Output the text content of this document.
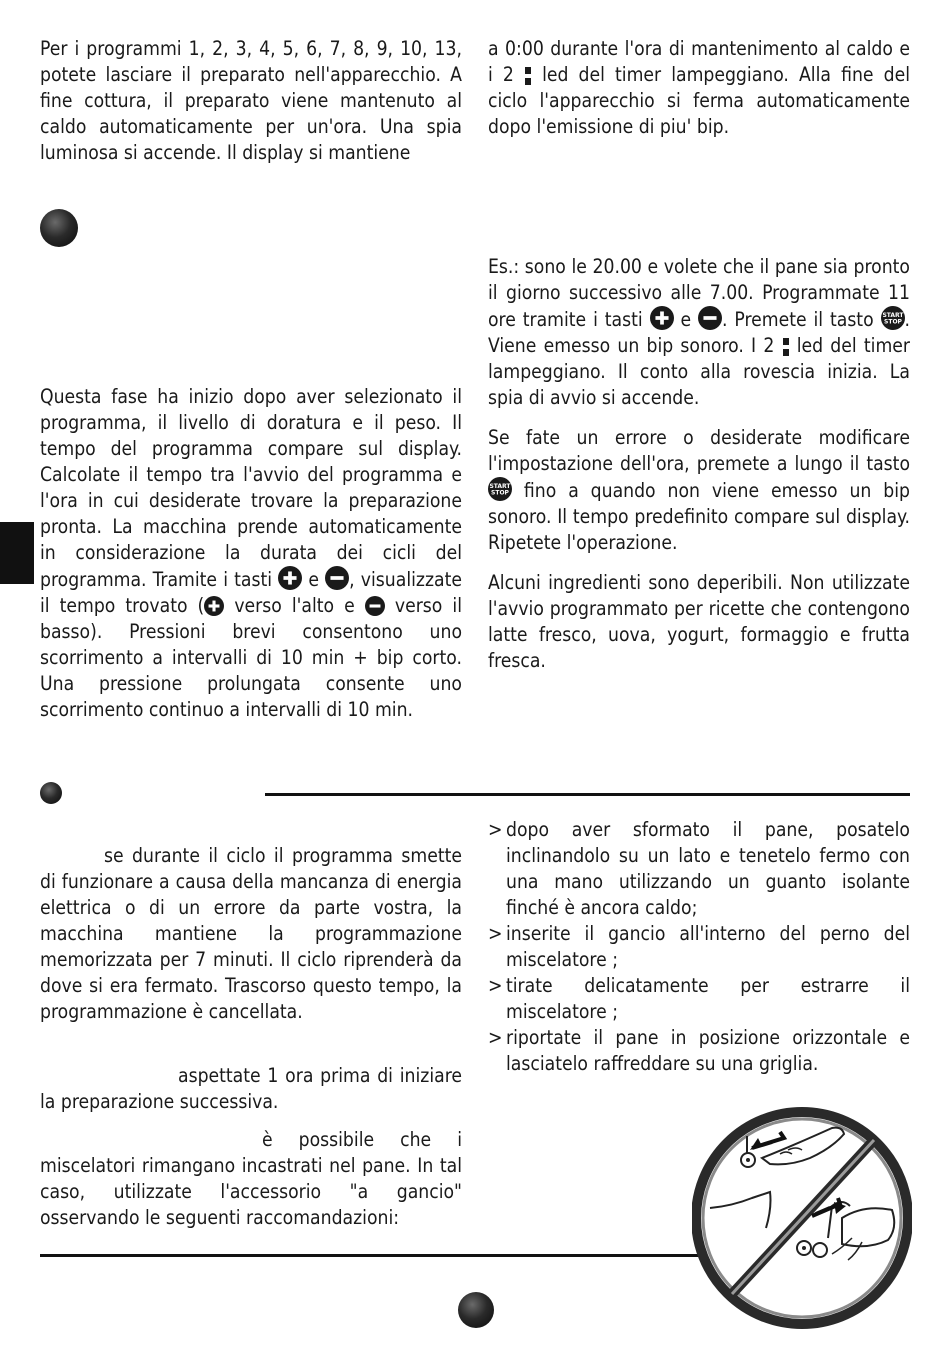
Per i programmi 1, 2, 3, 4, 5, 6, 7, 8, 9, 10, 13, potete lasciare il preparato nell'apparecchio. A fine cottura, il preparato viene mantenuto al caldo automaticamente per un'ora. Una spia luminosa si accende. Il display si mantiene

a 0:00 durante l'ora di mantenimento al caldo e i 2 led del timer lampeggiano. Alla fine del ciclo l'apparecchio si ferma automaticamente dopo l'emissione di piu' bip.

Es.: sono le 20.00 e volete che il pane sia pronto il giorno successivo alle 7.00. Programmate 11 ore tramite i tasti e . Premete il tasto START
STOP . Viene emesso un bip sonoro. I 2 led del timer lampeggiano. Il conto alla rovescia inizia. La spia di avvio si accende.

Se fate un errore o desiderate modificare l'impostazione dell'ora, premete a lungo il tasto
START
STOP fino a quando non viene emesso un bip sonoro. Il tempo predefinito compare sul display. Ripetete l'operazione.

Alcuni ingredienti sono deperibili. Non utilizzate l'avvio programmato per ricette che contengono latte fresco, uova, yogurt, formaggio e frutta fresca.

Questa fase ha inizio dopo aver selezionato il programma, il livello di doratura e il peso. Il tempo del programma compare sul display. Calcolate il tempo tra l'avvio del programma e l'ora in cui desiderate trovare la preparazione pronta. La macchina prende automaticamente in considerazione la durata dei cicli del programma. Tramite i tasti e , visualizzate il tempo trovato ( verso l'alto e verso il basso). Pressioni brevi consentono uno scorrimento a intervalli di 10 min + bip corto. Una pressione prolungata consente uno scorrimento continuo a intervalli di 10 min.

se durante il ciclo il programma smette di funzionare a causa della mancanza di energia elettrica o di un errore da parte vostra, la macchina mantiene la programmazione memorizzata per 7 minuti. Il ciclo riprenderà da dove si era fermato. Trascorso questo tempo, la programmazione è cancellata.

aspettate 1 ora prima di iniziare la preparazione successiva.

è possibile che i miscelatori rimangano incastrati nel pane. In tal caso, utilizzate l'accessorio "a gancio" osservando le seguenti raccomandazioni:

> dopo aver sformato il pane, posatelo inclinandolo su un lato e tenetelo fermo con una mano utilizzando un guanto isolante finché è ancora caldo;
> inserite il gancio all'interno del perno del miscelatore ;
> tirate delicatamente per estrarre il miscelatore ;
> riportate il pane in posizione orizzontale e lasciatelo raffreddare su una griglia.
